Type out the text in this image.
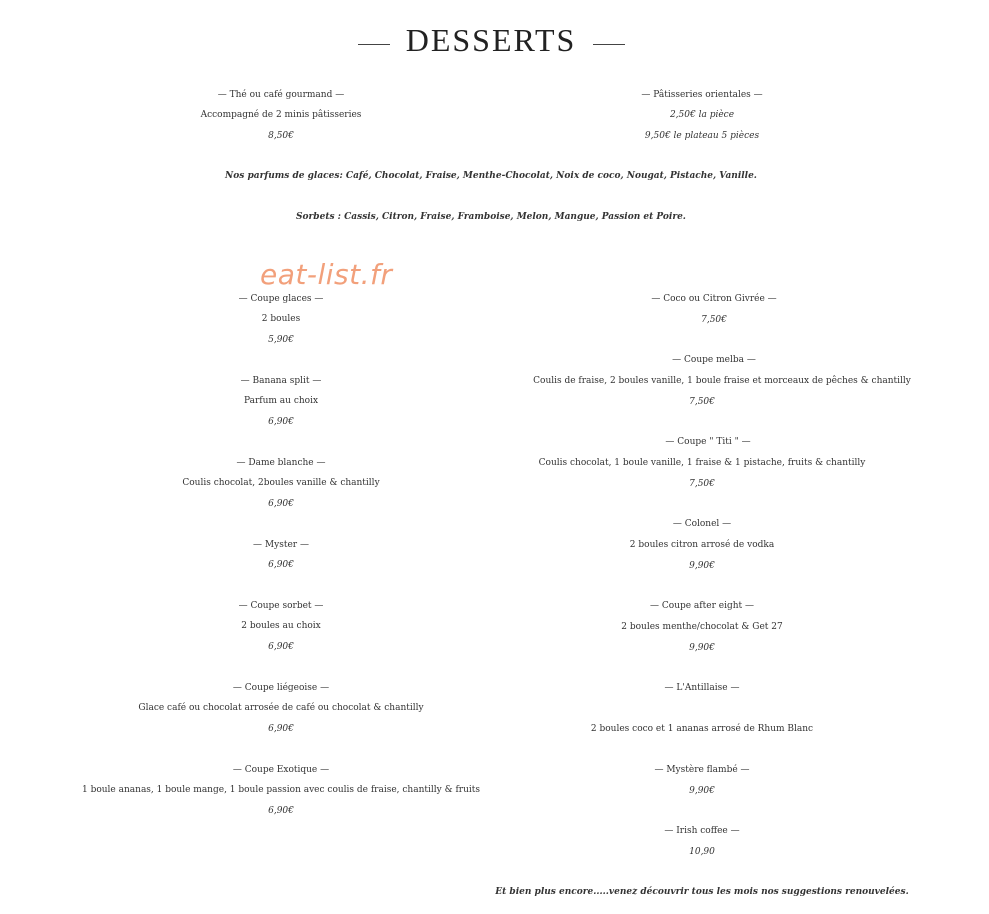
DESSERTS
— Thé ou café gourmand —
Accompagné de 2 minis pâtisseries
8,50€
— Pâtisseries orientales —
2,50€ la pièce
9,50€ le plateau 5 pièces
Nos parfums de glaces: Café, Chocolat, Fraise, Menthe-Chocolat, Noix de coco, Nougat, Pistache, Vanille.
Sorbets : Cassis, Citron, Fraise, Framboise, Melon, Mangue, Passion et Poire.
eat-list.fr
— Coupe glaces —
2 boules
5,90€
— Banana split —
Parfum au choix
6,90€
— Dame blanche —
Coulis chocolat, 2boules vanille & chantilly
6,90€
— Myster —
6,90€
— Coupe sorbet —
2 boules au choix
6,90€
— Coupe liégeoise —
Glace café ou chocolat arrosée de café ou chocolat & chantilly
6,90€
— Coupe Exotique —
1 boule ananas, 1 boule mange, 1 boule passion avec coulis de fraise, chantilly & fruits
6,90€
— Coco ou Citron Givrée —
7,50€
— Coupe melba —
Coulis de fraise, 2 boules vanille, 1 boule fraise et morceaux de pêches & chantilly
7,50€
— Coupe " Titi " —
Coulis chocolat, 1 boule vanille, 1 fraise & 1 pistache, fruits & chantilly
7,50€
— Colonel —
2 boules citron arrosé de vodka
9,90€
— Coupe after eight —
2 boules menthe/chocolat & Get 27
9,90€
— L'Antillaise —
2 boules coco et 1 ananas arrosé de Rhum Blanc
— Mystère flambé —
9,90€
— Irish coffee —
10,90
Et bien plus encore.....venez découvrir tous les mois nos suggestions renouvelées.
